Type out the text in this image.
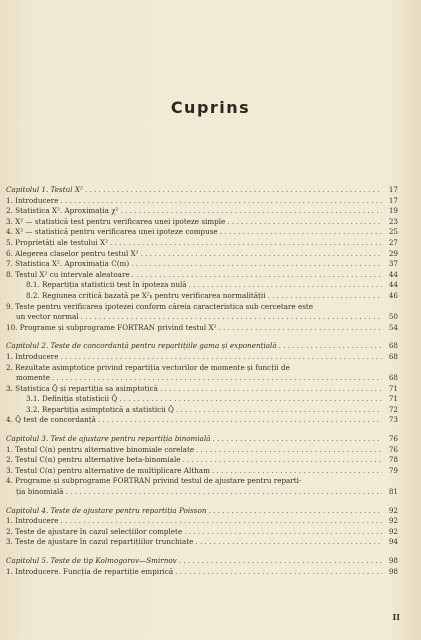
Cuprins
Capitolul 1. Testul X² . . .	17
1. Introducere . . .	17
2. Statistica X². Aproximația χ² . . .	19
3. X² — statistică test pentru verificarea unei ipoteze simple . . .	23
4. X² — statistică pentru verificarea unei ipoteze compuse . . .	25
5. Proprietăți ale testului X² . . .	27
6. Alegerea claselor pentru testul X² . . .	29
7. Statistica X². Aproximația C(m) . . .	37
8. Testul X² cu intervale aleatoare . . .	44
8.1. Repartiția statisticii test în ipoteza nulă . . .	44
8.2. Regiunea critică bazată pe X²ᵦ pentru verificarea normalității . . .	46
9. Teste pentru verificarea ipotezei conform căreia caracteristica sub cercetare este
un vector normal . . .	50
10. Programe și subprograme FORTRAN privind testul X² . . .	54
Capitolul 2. Teste de concordanță pentru repartițiile gama și exponențială . . .	68
1. Introducere . . .	68
2. Rezultate asimptotice privind repartiția vectorilor de momente și funcții de
momente . . .	68
3. Statistica Q̂ și repartiția sa asimptotică . . .	71
3.1. Definiția statisticii Q̂ . . .	71
3.2. Repartiția asimptotică a statisticii Q̂ . . .	72
4. Q̂ test de concordanță . . .	73
Capitolul 3. Test de ajustare pentru repartiția binomială . . .	76
1. Testul C(α) pentru alternative binomiale corelate . . .	76
2. Testul C(α) pentru alternative beta-binomiale . . .	78
3. Testul C(α) pentru alternative de multiplicare Altham . . .	79
4. Programe și subprograme FORTRAN privind testul de ajustare pentru reparti-
ția binomială . . .	81
Capitolul 4. Teste de ajustare pentru repartiția Poisson . . .	92
1. Introducere . . .	92
2. Teste de ajustare în cazul selecțiilor complete . . .	92
3. Teste de ajustare în cazul repartițiilor trunchiate . . .	94
Capitolul 5. Teste de tip Kolmogorov—Smirnov . . .	98
1. Introducere. Funcția de repartiție empirică . . .	98
II
